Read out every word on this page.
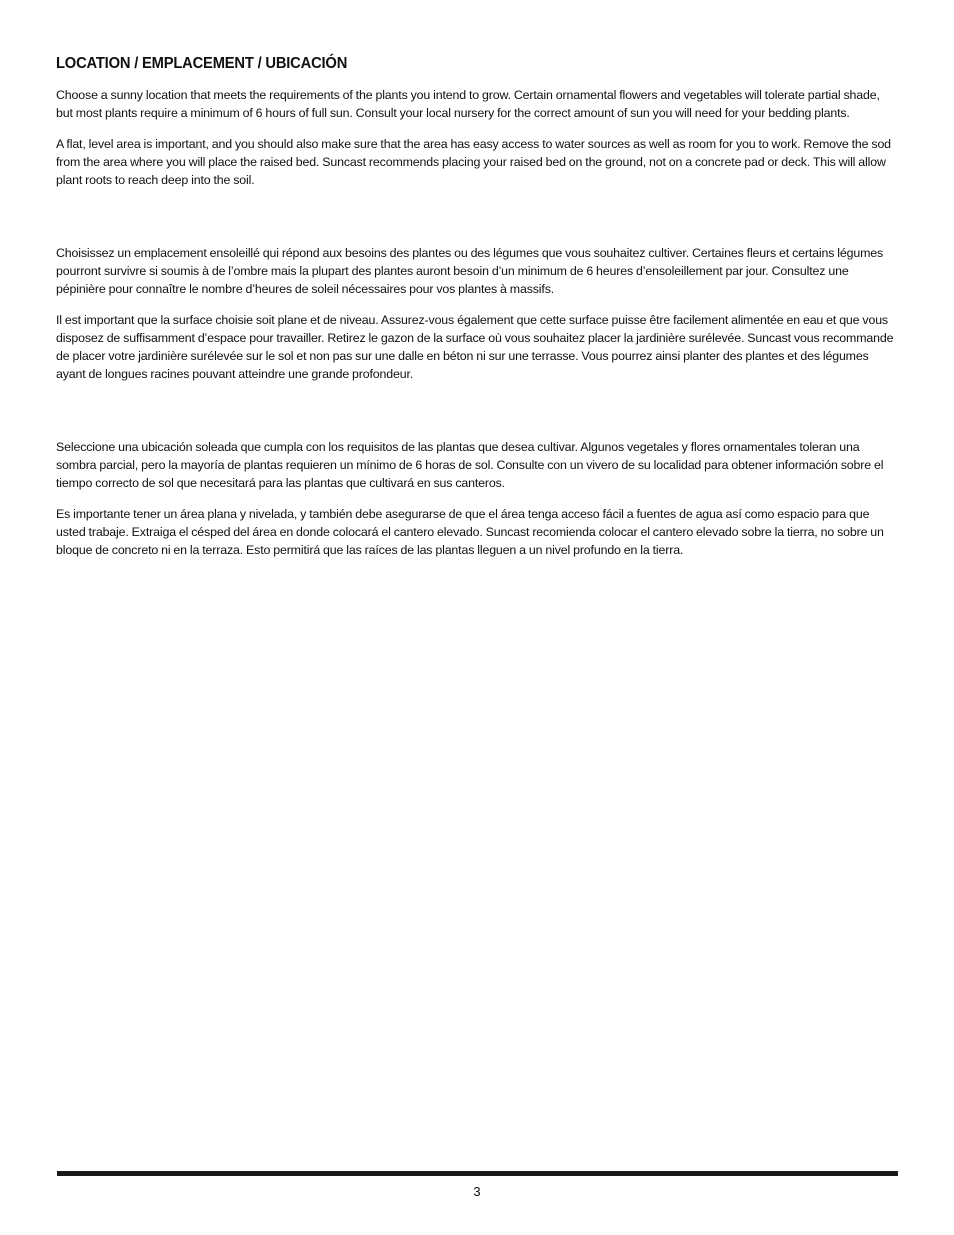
LOCATION / EMPLACEMENT / UBICACIÓN

Choose a sunny location that meets the requirements of the plants you intend to grow. Certain ornamental flowers and vegetables will tolerate partial shade, but most plants require a minimum of 6 hours of full sun. Consult your local nursery for the correct amount of sun you will need for your bedding plants.

A flat, level area is important, and you should also make sure that the area has easy access to water sources as well as room for you to work. Remove the sod from the area where you will place the raised bed. Suncast recommends placing your raised bed on the ground, not on a concrete pad or deck. This will allow plant roots to reach deep into the soil.

Choisissez un emplacement ensoleillé qui répond aux besoins des plantes ou des légumes que vous souhaitez cultiver. Certaines fleurs et certains légumes pourront survivre si soumis à de l’ombre mais la plupart des plantes auront besoin d’un minimum de 6 heures d’ensoleillement par jour. Consultez une pépinière pour connaître le nombre d’heures de soleil nécessaires pour vos plantes à massifs.

Il est important que la surface choisie soit plane et de niveau. Assurez-vous également que cette surface puisse être facilement alimentée en eau et que vous disposez de suffisamment d’espace pour travailler. Retirez le gazon de la surface où vous souhaitez placer la jardinière surélevée. Suncast vous recommande de placer votre jardinière surélevée sur le sol et non pas sur une dalle en béton ni sur une terrasse. Vous pourrez ainsi planter des plantes et des légumes ayant de longues racines pouvant atteindre une grande profondeur.

Seleccione una ubicación soleada que cumpla con los requisitos de las plantas que desea cultivar. Algunos vegetales y flores ornamentales toleran una sombra parcial, pero la mayoría de plantas requieren un mínimo de 6 horas de sol. Consulte con un vivero de su localidad para obtener información sobre el tiempo correcto de sol que necesitará para las plantas que cultivará en sus canteros.

Es importante tener un área plana y nivelada, y también debe asegurarse de que el área tenga acceso fácil a fuentes de agua así como espacio para que usted trabaje. Extraiga el césped del área en donde colocará el cantero elevado. Suncast recomienda colocar el cantero elevado sobre la tierra, no sobre un bloque de concreto ni en la terraza. Esto permitirá que las raíces de las plantas lleguen a un nivel profundo en la tierra.

3
